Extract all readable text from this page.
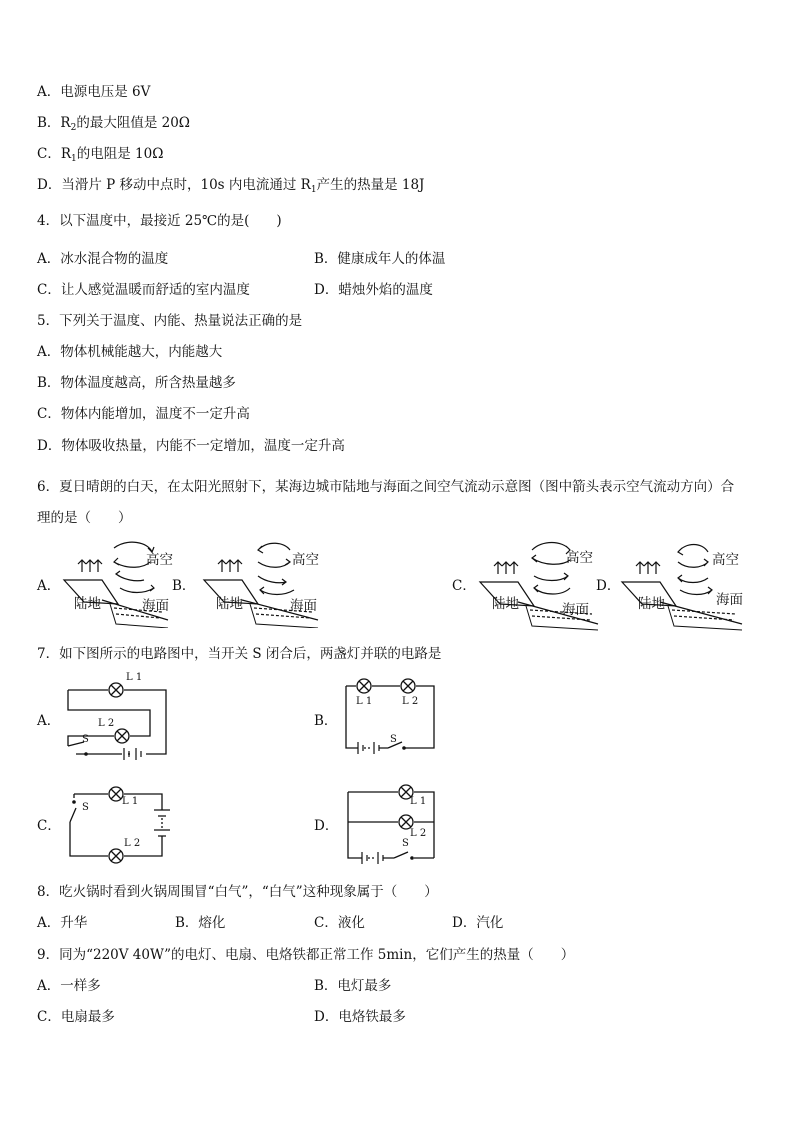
A．电源电压是 6V
B．$R_2$的最大阻值是 20Ω
C．$R_1$的电阻是 10Ω
D．当滑片 P 移动中点时，10s 内电流通过 $R_1$产生的热量是 18J
4．以下温度中，最接近 25℃的是(　　)
A．冰水混合物的温度	B．健康成年人的体温
C．让人感觉温暖而舒适的室内温度	D．蜡烛外焰的温度
5．下列关于温度、内能、热量说法正确的是
A．物体机械能越大，内能越大
B．物体温度越高，所含热量越多
C．物体内能增加，温度不一定升高
D．物体吸收热量，内能不一定增加，温度一定升高
6．夏日晴朗的白天，在太阳光照射下，某海边城市陆地与海面之间空气流动示意图（图中箭头表示空气流动方向）合
理的是（　　）
A．	B．	C．	D．
高空
陆地	海面
高空
陆地	海面
高空
陆地	海面
高空
陆地	海面
7．如下图所示的电路图中，当开关 S 闭合后，两盏灯并联的电路是
A．	B．
C．	D．
L 1
L 2
S
L 1	L 2
S
S
L 1
L 2
L 1
L 2
S
8．吃火锅时看到火锅周围冒“白气”，“白气”这种现象属于（　　）
A．升华	B．熔化	C．液化	D．汽化
9．同为“220V 40W”的电灯、电扇、电烙铁都正常工作 5min，它们产生的热量（　　）
A．一样多	B．电灯最多
C．电扇最多	D．电烙铁最多
